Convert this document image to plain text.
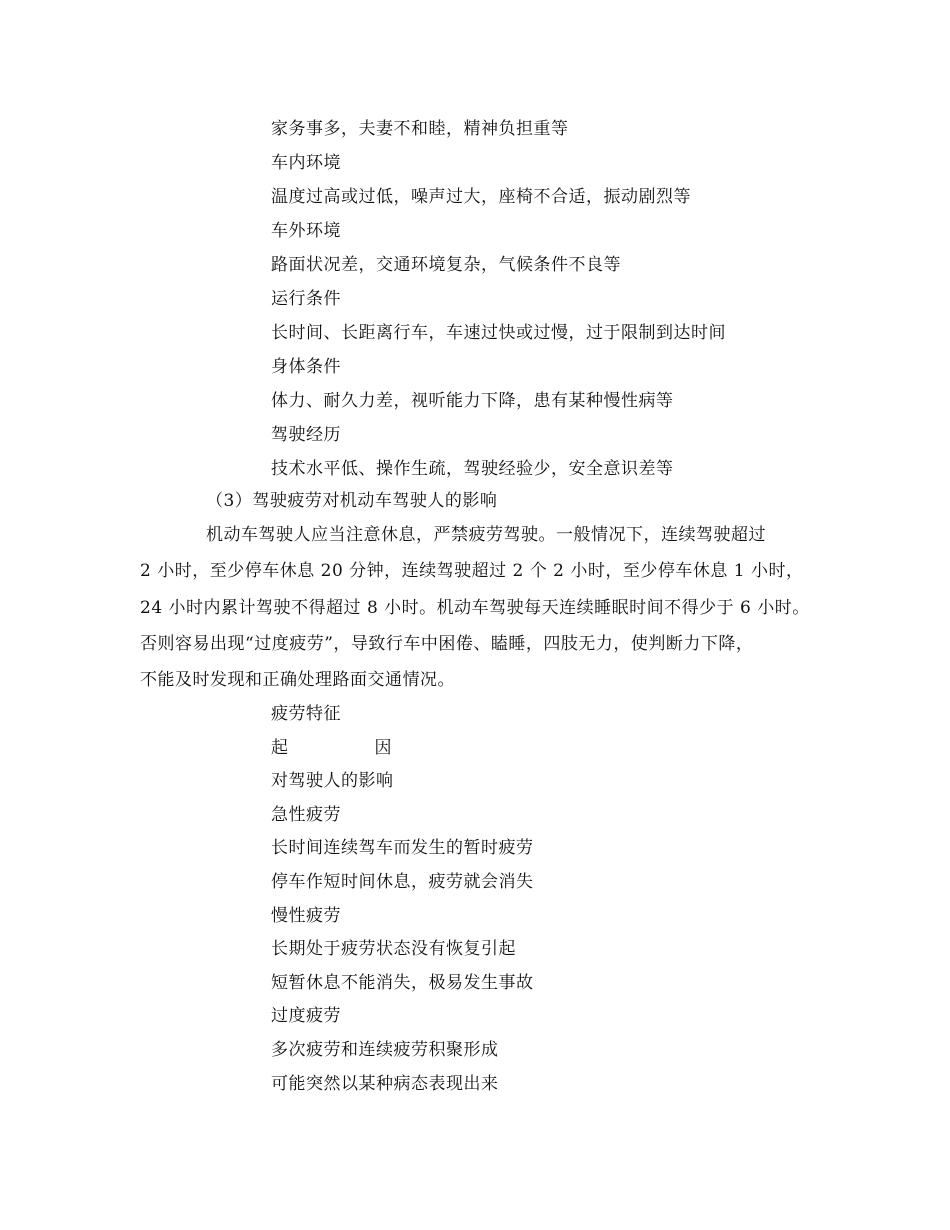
家务事多，夫妻不和睦，精神负担重等
车内环境
温度过高或过低，噪声过大，座椅不合适，振动剧烈等
车外环境
路面状况差，交通环境复杂，气候条件不良等
运行条件
长时间、长距离行车，车速过快或过慢，过于限制到达时间
身体条件
体力、耐久力差，视听能力下降，患有某种慢性病等
驾驶经历
技术水平低、操作生疏，驾驶经验少，安全意识差等
（3）驾驶疲劳对机动车驾驶人的影响
机动车驾驶人应当注意休息，严禁疲劳驾驶。一般情况下，连续驾驶超过
2 小时，至少停车休息 20 分钟，连续驾驶超过 2 个 2 小时，至少停车休息 1 小时，
24 小时内累计驾驶不得超过 8 小时。机动车驾驶每天连续睡眠时间不得少于 6 小时。
否则容易出现“过度疲劳”，导致行车中困倦、瞌睡，四肢无力，使判断力下降，
不能及时发现和正确处理路面交通情况。
疲劳特征
起	因
对驾驶人的影响
急性疲劳
长时间连续驾车而发生的暂时疲劳
停车作短时间休息，疲劳就会消失
慢性疲劳
长期处于疲劳状态没有恢复引起
短暂休息不能消失，极易发生事故
过度疲劳
多次疲劳和连续疲劳积聚形成
可能突然以某种病态表现出来
